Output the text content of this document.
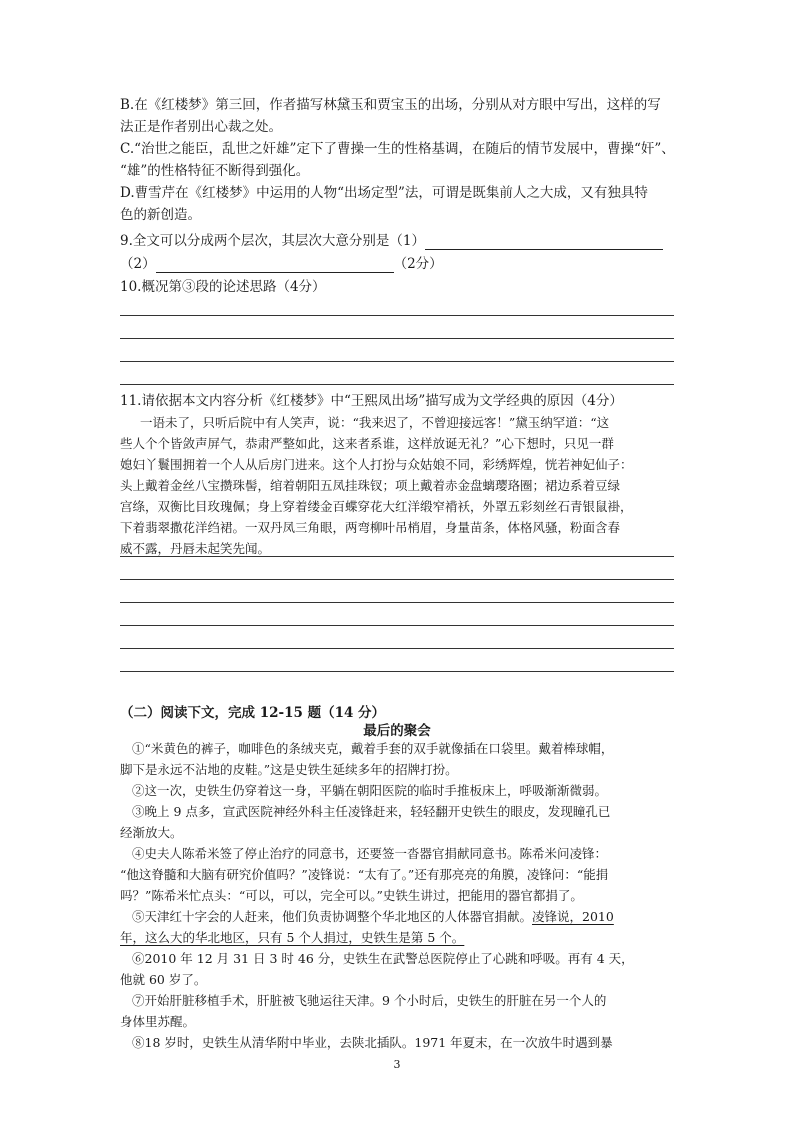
B.在《红楼梦》第三回，作者描写林黛玉和贾宝玉的出场，分别从对方眼中写出，这样的写
法正是作者别出心裁之处。
C.“治世之能臣，乱世之奸雄”定下了曹操一生的性格基调，在随后的情节发展中，曹操“奸”、
“雄”的性格特征不断得到强化。
D.曹雪芹在《红楼梦》中运用的人物“出场定型”法，可谓是既集前人之大成，又有独具特
色的新创造。
9.全文可以分成两个层次，其层次大意分别是（1）
（2）	（2分）
10.概况第③段的论述思路（4分）
11.请依据本文内容分析《红楼梦》中“王熙凤出场”描写成为文学经典的原因（4分）
一语未了，只听后院中有人笑声，说：“我来迟了，不曾迎接远客！”黛玉纳罕道：“这
些人个个皆敛声屏气，恭肃严整如此，这来者系谁，这样放诞无礼？”心下想时，只见一群
媳妇丫鬟围拥着一个人从后房门进来。这个人打扮与众姑娘不同，彩绣辉煌，恍若神妃仙子：
头上戴着金丝八宝攒珠髻，绾着朝阳五凤挂珠钗；项上戴着赤金盘螭璎珞圈；裙边系着豆绿
宫绦，双衡比目玫瑰佩；身上穿着缕金百蝶穿花大红洋缎窄褙袄，外罩五彩刻丝石青银鼠褂，
下着翡翠撒花洋绉裙。一双丹凤三角眼，两弯柳叶吊梢眉，身量苗条，体格风骚，粉面含春
威不露，丹唇未起笑先闻。
（二）阅读下文，完成 12-15 题（14 分）
最后的聚会
①“米黄色的裤子，咖啡色的条绒夹克，戴着手套的双手就像插在口袋里。戴着棒球帽，
脚下是永远不沾地的皮鞋。”这是史铁生延续多年的招牌打扮。
②这一次，史铁生仍穿着这一身，平躺在朝阳医院的临时手推板床上，呼吸渐渐微弱。
③晚上 9 点多，宣武医院神经外科主任凌锋赶来，轻轻翻开史铁生的眼皮，发现瞳孔已
经渐放大。
④史夫人陈希米签了停止治疗的同意书，还要签一沓器官捐献同意书。陈希米问凌锋：
“他这脊髓和大脑有研究价值吗？”凌锋说：“太有了。”还有那亮亮的角膜，凌锋问：“能捐
吗？”陈希米忙点头：“可以，可以，完全可以。”史铁生讲过，把能用的器官都捐了。
⑤天津红十字会的人赶来，他们负责协调整个华北地区的人体器官捐献。凌锋说，2010
年，这么大的华北地区，只有 5 个人捐过，史铁生是第 5 个。
⑥2010 年 12 月 31 日 3 时 46 分，史铁生在武警总医院停止了心跳和呼吸。再有 4 天，
他就 60 岁了。
⑦开始肝脏移植手术，肝脏被飞驰运往天津。9 个小时后，史铁生的肝脏在另一个人的
身体里苏醒。
⑧18 岁时，史铁生从清华附中毕业，去陕北插队。1971 年夏末，在一次放牛时遇到暴
3
